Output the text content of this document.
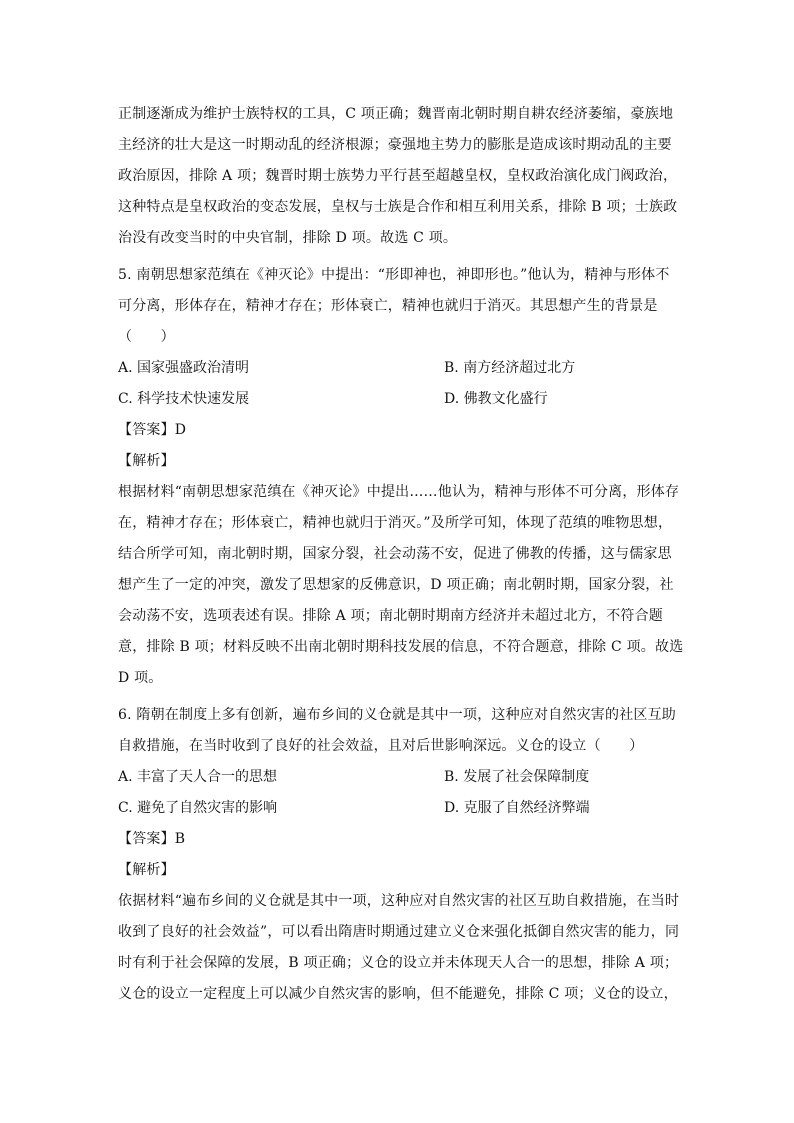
正制逐渐成为维护士族特权的工具，C 项正确；魏晋南北朝时期自耕农经济萎缩，豪族地
主经济的壮大是这一时期动乱的经济根源；豪强地主势力的膨胀是造成该时期动乱的主要
政治原因，排除 A 项；魏晋时期士族势力平行甚至超越皇权，皇权政治演化成门阀政治，
这种特点是皇权政治的变态发展，皇权与士族是合作和相互利用关系，排除 B 项；士族政
治没有改变当时的中央官制，排除 D 项。故选 C 项。
5. 南朝思想家范缜在《神灭论》中提出：“形即神也，神即形也。”他认为，精神与形体不
可分离，形体存在，精神才存在；形体衰亡，精神也就归于消灭。其思想产生的背景是
（　　）
A. 国家强盛政治清明	B. 南方经济超过北方
C. 科学技术快速发展	D. 佛教文化盛行
【答案】D
【解析】
根据材料“南朝思想家范缜在《神灭论》中提出……他认为，精神与形体不可分离，形体存
在，精神才存在；形体衰亡，精神也就归于消灭。”及所学可知，体现了范缜的唯物思想，
结合所学可知，南北朝时期，国家分裂，社会动荡不安，促进了佛教的传播，这与儒家思
想产生了一定的冲突，激发了思想家的反佛意识，D 项正确；南北朝时期，国家分裂，社
会动荡不安，选项表述有误。排除 A 项；南北朝时期南方经济并未超过北方，不符合题
意，排除 B 项；材料反映不出南北朝时期科技发展的信息，不符合题意，排除 C 项。故选
D 项。
6. 隋朝在制度上多有创新，遍布乡间的义仓就是其中一项，这种应对自然灾害的社区互助
自救措施，在当时收到了良好的社会效益，且对后世影响深远。义仓的设立（　　）
A. 丰富了天人合一的思想	B. 发展了社会保障制度
C. 避免了自然灾害的影响	D. 克服了自然经济弊端
【答案】B
【解析】
依据材料“遍布乡间的义仓就是其中一项，这种应对自然灾害的社区互助自救措施，在当时
收到了良好的社会效益”，可以看出隋唐时期通过建立义仓来强化抵御自然灾害的能力，同
时有利于社会保障的发展，B 项正确；义仓的设立并未体现天人合一的思想，排除 A 项；
义仓的设立一定程度上可以减少自然灾害的影响，但不能避免，排除 C 项；义仓的设立，
